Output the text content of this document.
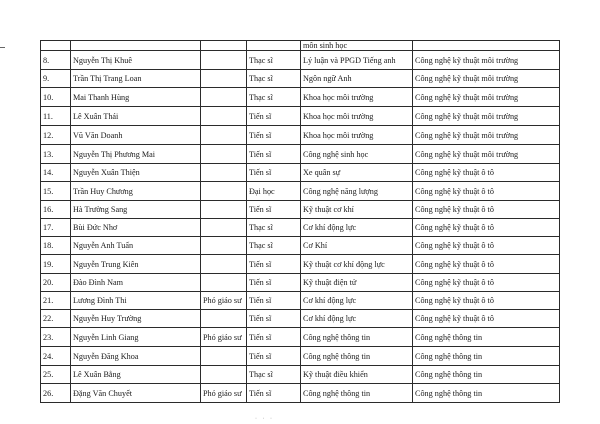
				môn sinh học	
8.	Nguyễn Thị Khuê		Thạc sĩ	Lý luận và PPGD Tiếng anh	Công nghệ kỹ thuật môi trường
9.	Trần Thị Trang Loan		Thạc sĩ	Ngôn ngữ Anh	Công nghệ kỹ thuật môi trường
10.	Mai Thanh Hùng		Thạc sĩ	Khoa học môi trường	Công nghệ kỹ thuật môi trường
11.	Lê Xuân Thái		Tiến sĩ	Khoa học môi trường	Công nghệ kỹ thuật môi trường
12.	Vũ Văn Doanh		Tiến sĩ	Khoa học môi trường	Công nghệ kỹ thuật môi trường
13.	Nguyễn Thị Phương Mai		Tiến sĩ	Công nghệ sinh học	Công nghệ kỹ thuật môi trường
14.	Nguyễn Xuân Thiện		Tiến sĩ	Xe quân sự	Công nghệ kỹ thuật ô tô
15.	Trần Huy Chương		Đại học	Công nghệ năng lượng	Công nghệ kỹ thuật ô tô
16.	Hà Trường Sang		Tiến sĩ	Kỹ thuật cơ khí	Công nghệ kỹ thuật ô tô
17.	Bùi Đức Nhơ		Thạc sĩ	Cơ khí động lực	Công nghệ kỹ thuật ô tô
18.	Nguyễn Anh Tuấn		Thạc sĩ	Cơ Khí	Công nghệ kỹ thuật ô tô
19.	Nguyễn Trung Kiên		Tiến sĩ	Kỹ thuật cơ khí động lực	Công nghệ kỹ thuật ô tô
20.	Đào Đình Nam		Tiến sĩ	Kỹ thuật điện tử	Công nghệ kỹ thuật ô tô
21.	Lương Đình Thi	Phó giáo sư	Tiến sĩ	Cơ khí động lực	Công nghệ kỹ thuật ô tô
22.	Nguyễn Huy Trường		Tiến sĩ	Cơ khí động lực	Công nghệ kỹ thuật ô tô
23.	Nguyễn Linh Giang	Phó giáo sư	Tiến sĩ	Công nghệ thông tin	Công nghệ thông tin
24.	Nguyễn Đăng Khoa		Tiến sĩ	Công nghệ thông tin	Công nghệ thông tin
25.	Lê Xuân Bằng		Thạc sĩ	Kỹ thuật điều khiển	Công nghệ thông tin
26.	Đặng Văn Chuyết	Phó giáo sư	Tiến sĩ	Công nghệ thông tin	Công nghệ thông tin
· · ·
